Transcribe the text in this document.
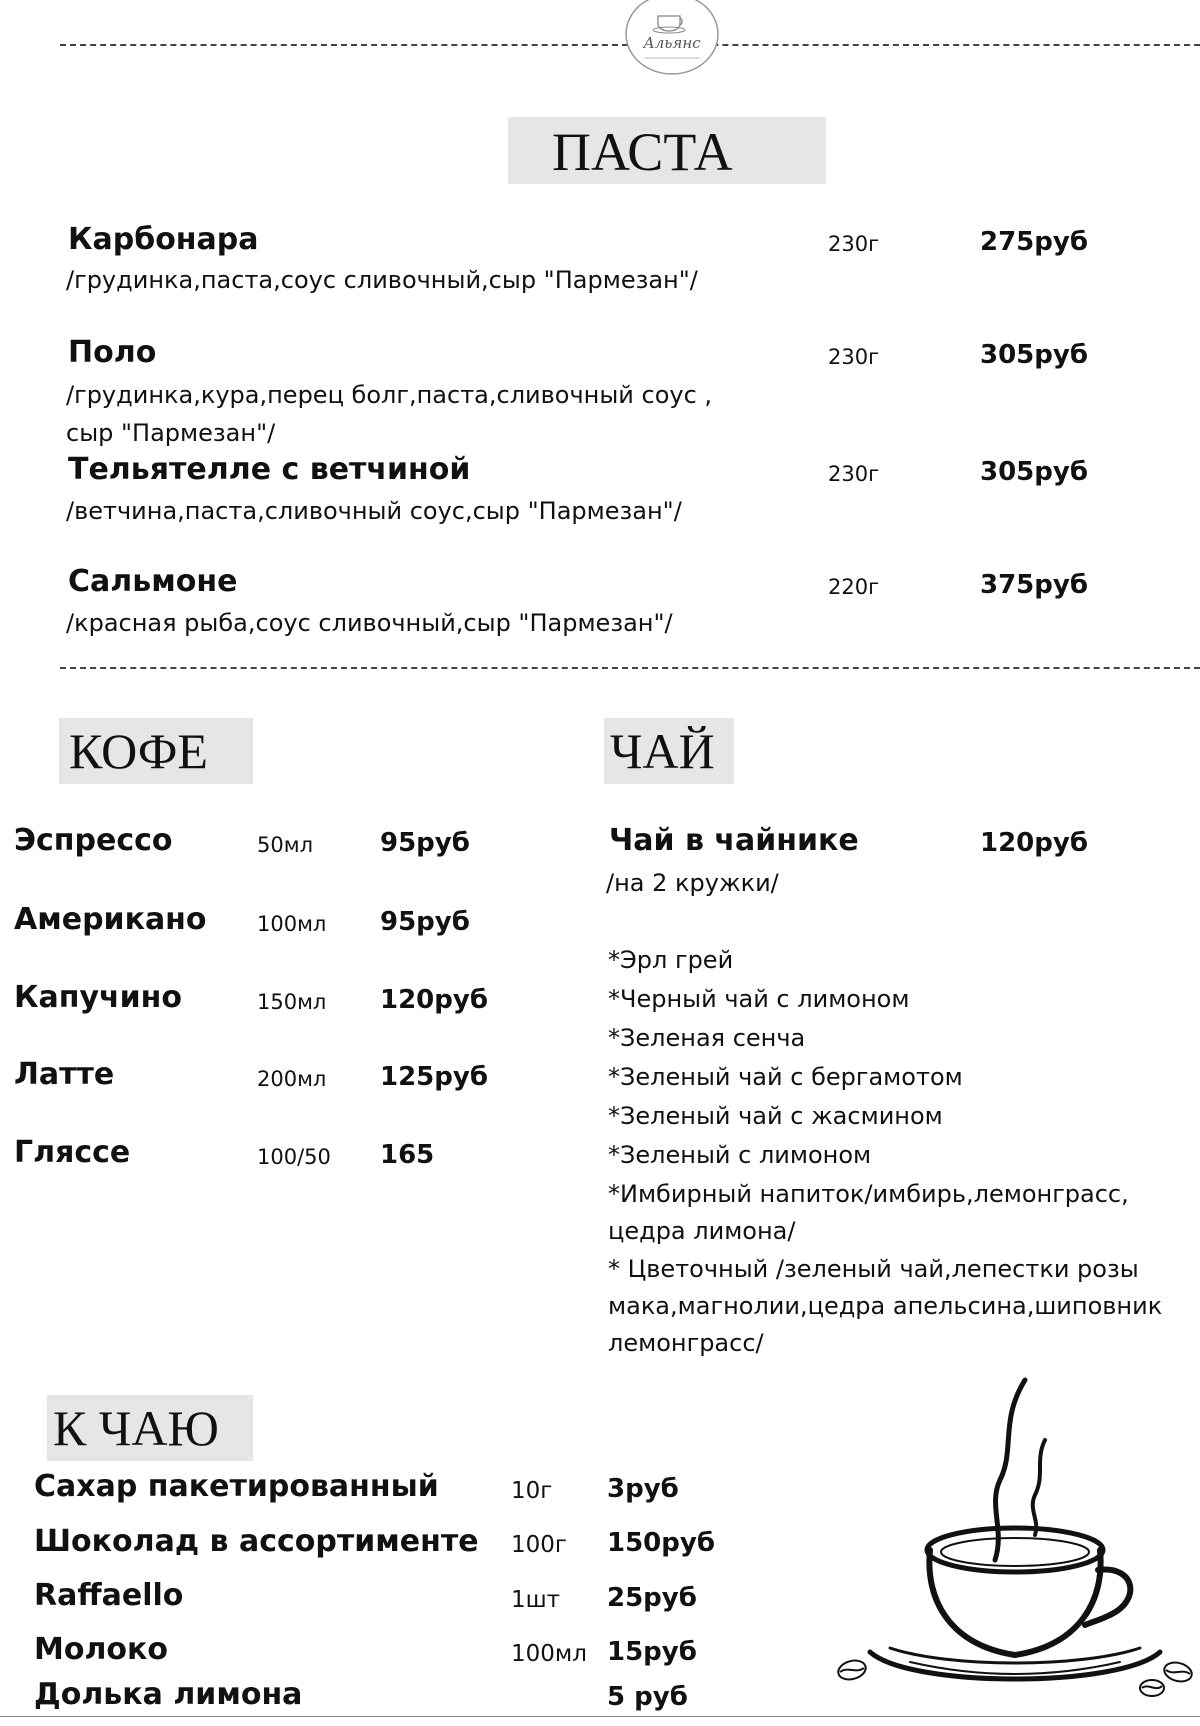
Альянс
ПАСТА
Карбонара
/грудинка,паста,соус сливочный,сыр "Пармезан"/
230г	275руб
Поло
/грудинка,кура,перец болг,паста,сливочный соус ,
сыр "Пармезан"/
230г	305руб
Тельятелле с ветчиной
/ветчина,паста,сливочный соус,сыр "Пармезан"/
230г	305руб
Сальмоне
/красная рыба,соус сливочный,сыр "Пармезан"/
220г	375руб
КОФЕ
Эспрессо	50мл	95руб
Американо 100мл 95руб
Капучино	150мл 120руб
Латте	200мл 125руб
Гляссе	100/50 165
ЧАЙ
Чай в чайнике	120руб
/на 2 кружки/
*Эрл грей
*Черный чай с лимоном
*Зеленая сенча
*Зеленый чай с бергамотом
*Зеленый чай с жасмином
*Зеленый с лимоном
*Имбирный напиток/имбирь,лемонграсс,
цедра лимона/
* Цветочный /зеленый чай,лепестки розы
мака,магнолии,цедра апельсина,шиповник
лемонграсс/
К ЧАЮ
Сахар пакетированный	10г 3руб
Шоколад в ассортименте 100г 150руб
Raffaello	1шт 25руб
Молоко	100мл 15руб
Долька лимона	5 руб
